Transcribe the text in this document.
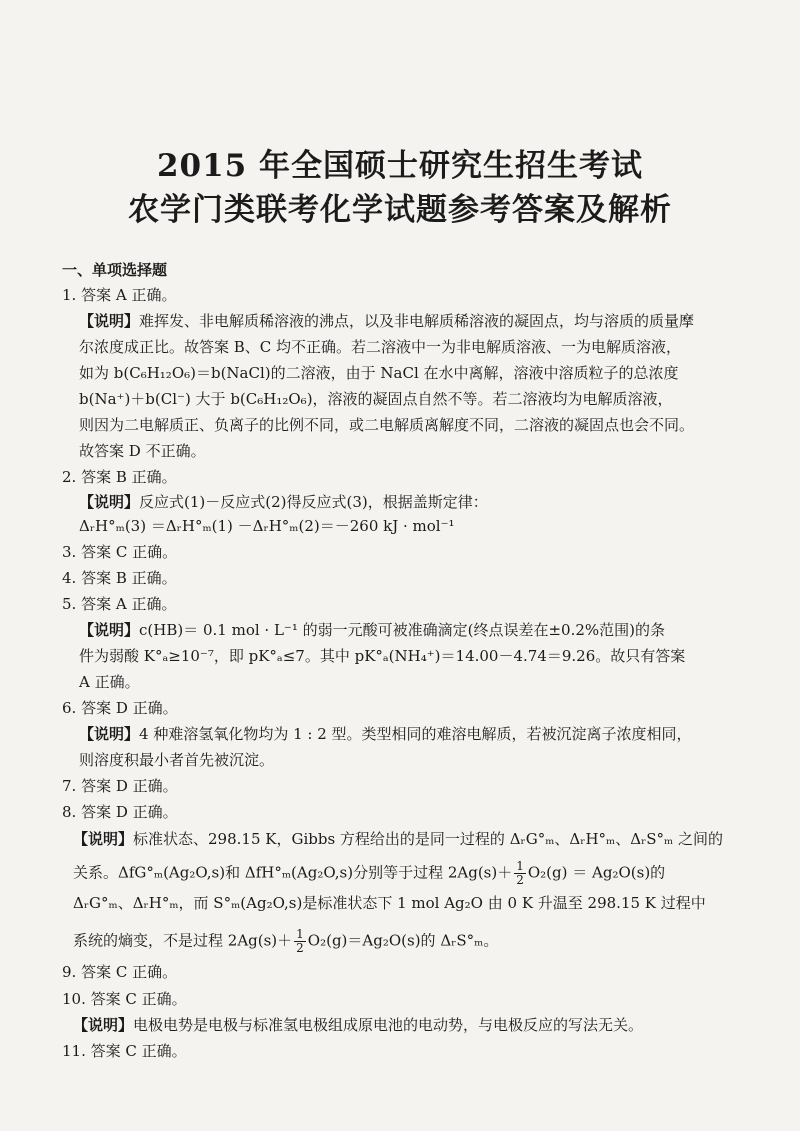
2015 年全国硕士研究生招生考试
农学门类联考化学试题参考答案及解析
一、单项选择题

1. 答案 A 正确。

【说明】难挥发、非电解质稀溶液的沸点，以及非电解质稀溶液的凝固点，均与溶质的质量摩

尔浓度成正比。故答案 B、C 均不正确。若二溶液中一为非电解质溶液、一为电解质溶液，

如为 b(C₆H₁₂O₆)＝b(NaCl)的二溶液，由于 NaCl 在水中离解，溶液中溶质粒子的总浓度

b(Na⁺)＋b(Cl⁻) 大于 b(C₆H₁₂O₆)，溶液的凝固点自然不等。若二溶液均为电解质溶液，

则因为二电解质正、负离子的比例不同，或二电解质离解度不同，二溶液的凝固点也会不同。

故答案 D 不正确。

2. 答案 B 正确。

【说明】反应式(1)－反应式(2)得反应式(3)，根据盖斯定律：

ΔᵣH°ₘ(3) ＝ΔᵣH°ₘ(1) －ΔᵣH°ₘ(2)＝－260 kJ · mol⁻¹

3. 答案 C 正确。

4. 答案 B 正确。

5. 答案 A 正确。

【说明】c(HB)＝ 0.1 mol · L⁻¹ 的弱一元酸可被准确滴定(终点误差在±0.2%范围)的条

件为弱酸 K°ₐ≥10⁻⁷，即 pK°ₐ≤7。其中 pK°ₐ(NH₄⁺)＝14.00－4.74＝9.26。故只有答案

A 正确。

6. 答案 D 正确。

【说明】4 种难溶氢氧化物均为 1 : 2 型。类型相同的难溶电解质，若被沉淀离子浓度相同，

则溶度积最小者首先被沉淀。

7. 答案 D 正确。

8. 答案 D 正确。

【说明】标准状态、298.15 K，Gibbs 方程给出的是同一过程的 ΔᵣG°ₘ、ΔᵣH°ₘ、ΔᵣS°ₘ 之间的

关系。ΔfG°ₘ(Ag₂O,s)和 ΔfH°ₘ(Ag₂O,s)分别等于过程 $2Ag(s)+ \frac{1}{2} O_2(g) = Ag_2O(s)$的

ΔᵣG°ₘ、ΔᵣH°ₘ，而 S°ₘ(Ag₂O,s)是标准状态下 1 mol Ag₂O 由 0 K 升温至 298.15 K 过程中

系统的熵变，不是过程 $2Ag(s)+ \frac{1}{2} O_2(g)=Ag_2O(s)$的 ΔᵣS°ₘ。

9. 答案 C 正确。

10. 答案 C 正确。

【说明】电极电势是电极与标准氢电极组成原电池的电动势，与电极反应的写法无关。

11. 答案 C 正确。
